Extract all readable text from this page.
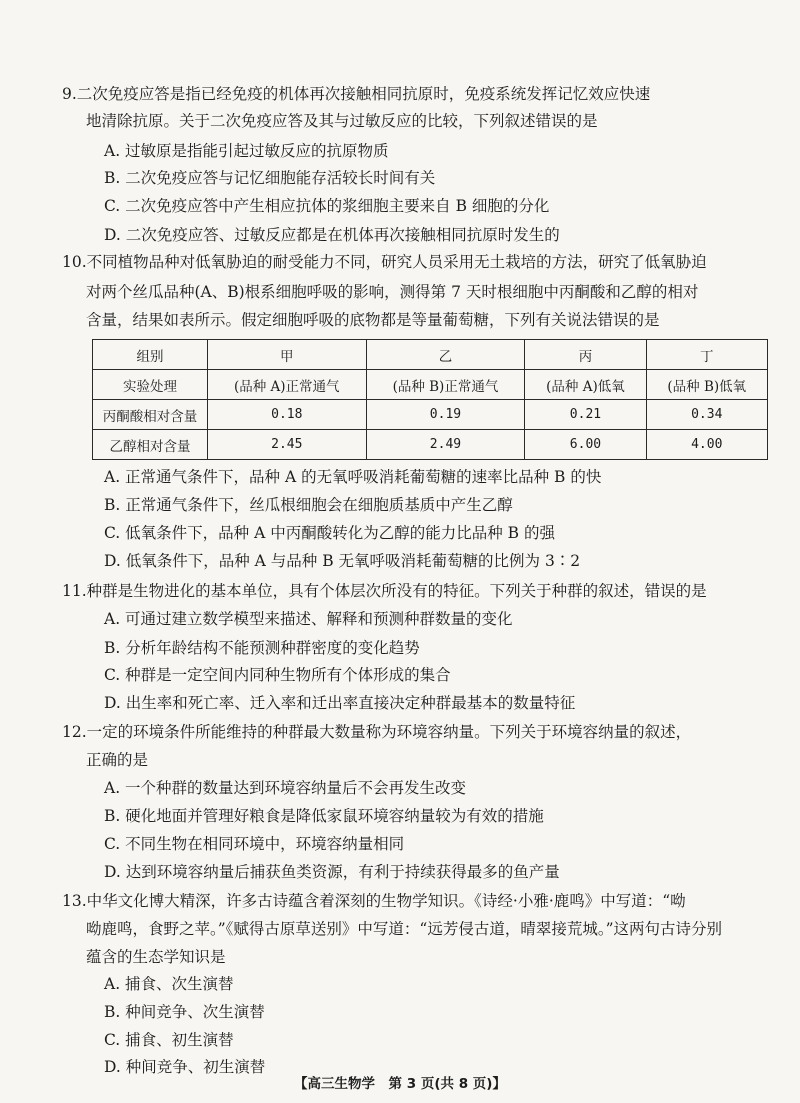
9.二次免疫应答是指已经免疫的机体再次接触相同抗原时，免疫系统发挥记忆效应快速
地清除抗原。关于二次免疫应答及其与过敏反应的比较，下列叙述错误的是
A. 过敏原是指能引起过敏反应的抗原物质
B. 二次免疫应答与记忆细胞能存活较长时间有关
C. 二次免疫应答中产生相应抗体的浆细胞主要来自 B 细胞的分化
D. 二次免疫应答、过敏反应都是在机体再次接触相同抗原时发生的
10.不同植物品种对低氧胁迫的耐受能力不同，研究人员采用无土栽培的方法，研究了低氧胁迫
对两个丝瓜品种(A、B)根系细胞呼吸的影响，测得第 7 天时根细胞中丙酮酸和乙醇的相对
含量，结果如表所示。假定细胞呼吸的底物都是等量葡萄糖，下列有关说法错误的是
组别	甲	乙	丙	丁
实验处理	(品种 A)正常通气	(品种 B)正常通气	(品种 A)低氧	(品种 B)低氧
丙酮酸相对含量	0.18	0.19	0.21	0.34
乙醇相对含量	2.45	2.49	6.00	4.00
A. 正常通气条件下，品种 A 的无氧呼吸消耗葡萄糖的速率比品种 B 的快
B. 正常通气条件下，丝瓜根细胞会在细胞质基质中产生乙醇
C. 低氧条件下，品种 A 中丙酮酸转化为乙醇的能力比品种 B 的强
D. 低氧条件下，品种 A 与品种 B 无氧呼吸消耗葡萄糖的比例为 3∶2
11.种群是生物进化的基本单位，具有个体层次所没有的特征。下列关于种群的叙述，错误的是
A. 可通过建立数学模型来描述、解释和预测种群数量的变化
B. 分析年龄结构不能预测种群密度的变化趋势
C. 种群是一定空间内同种生物所有个体形成的集合
D. 出生率和死亡率、迁入率和迁出率直接决定种群最基本的数量特征
12.一定的环境条件所能维持的种群最大数量称为环境容纳量。下列关于环境容纳量的叙述，
正确的是
A. 一个种群的数量达到环境容纳量后不会再发生改变
B. 硬化地面并管理好粮食是降低家鼠环境容纳量较为有效的措施
C. 不同生物在相同环境中，环境容纳量相同
D. 达到环境容纳量后捕获鱼类资源，有利于持续获得最多的鱼产量
13.中华文化博大精深，许多古诗蕴含着深刻的生物学知识。《诗经·小雅·鹿鸣》中写道：“呦
呦鹿鸣，食野之苹。”《赋得古原草送别》中写道：“远芳侵古道，晴翠接荒城。”这两句古诗分别
蕴含的生态学知识是
A. 捕食、次生演替
B. 种间竞争、次生演替
C. 捕食、初生演替
D. 种间竞争、初生演替
【高三生物学　第 3 页(共 8 页)】
